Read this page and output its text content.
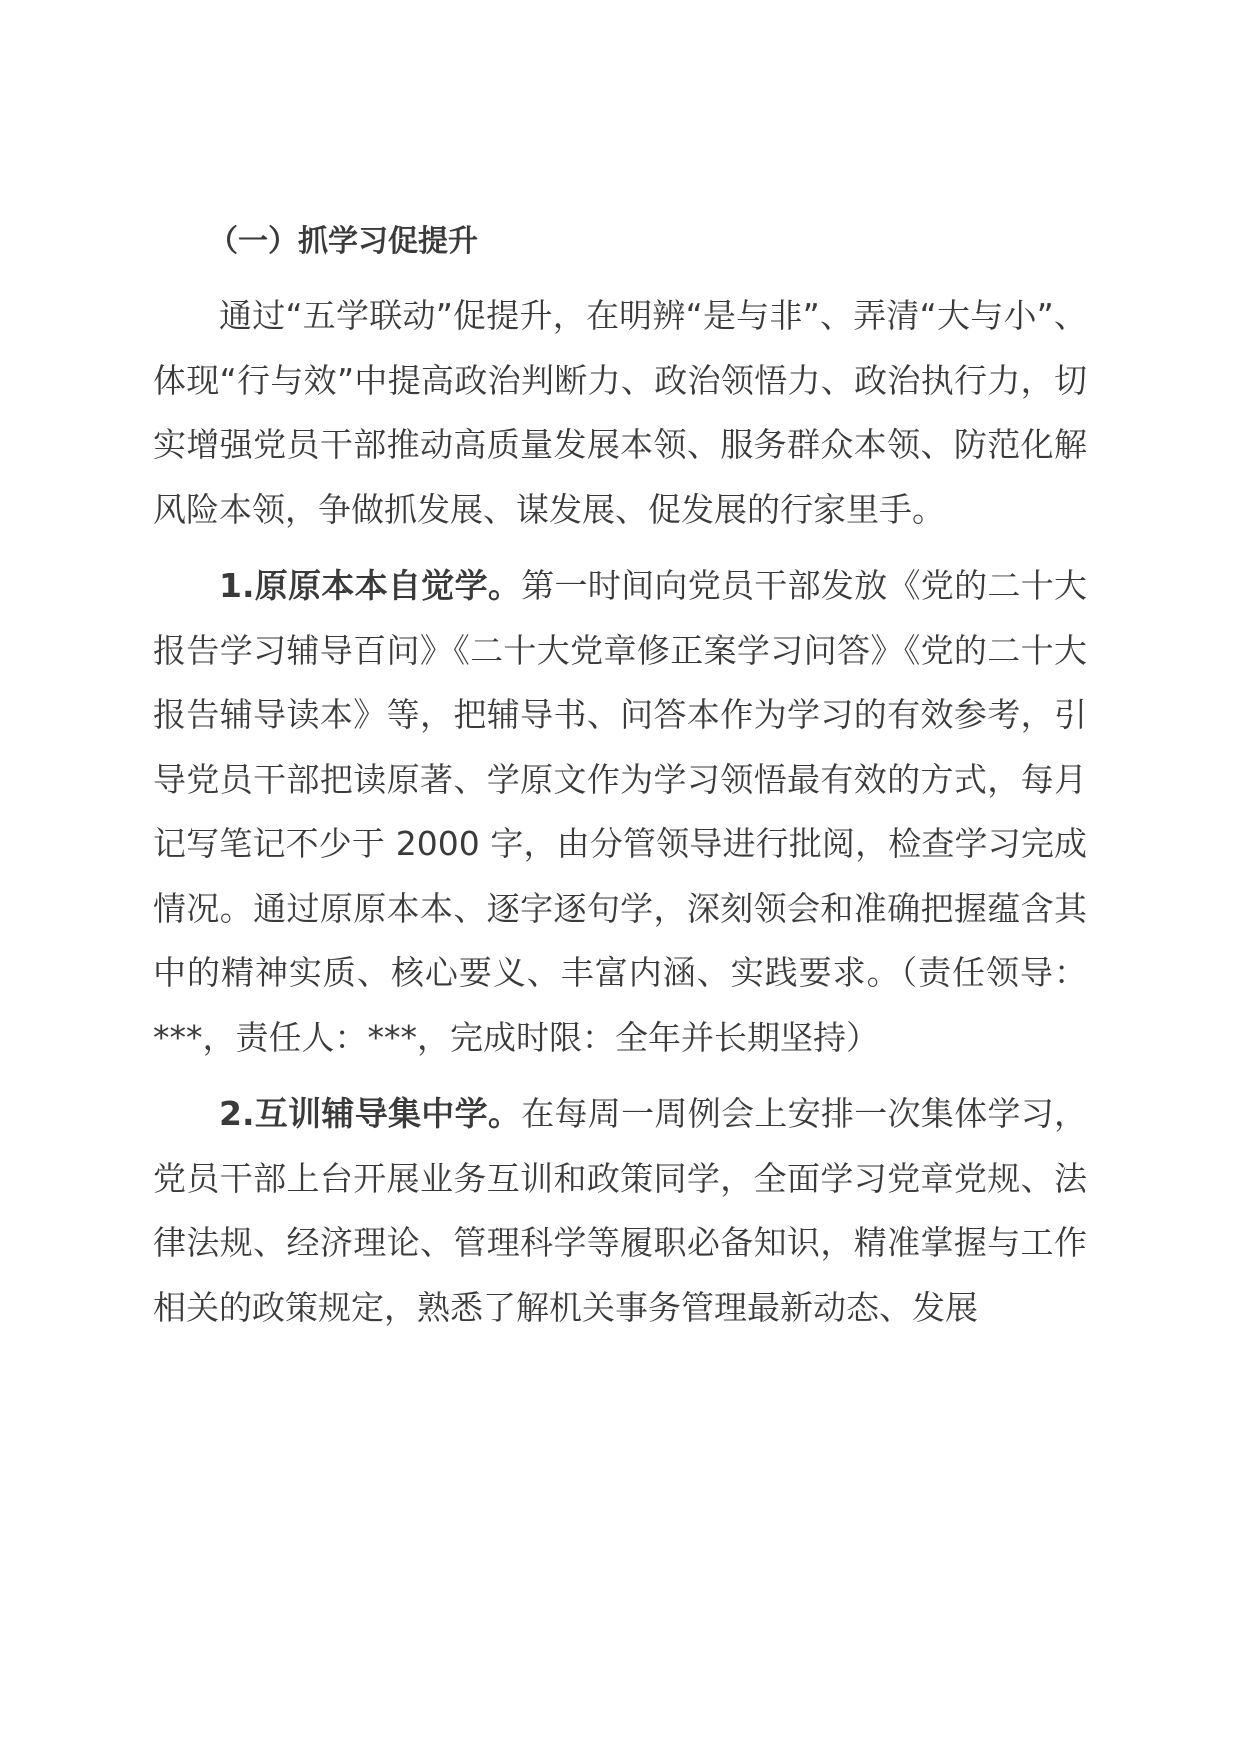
（一）抓学习促提升

通过“五学联动”促提升，在明辨“是与非”、弄清“大与小”、体现“行与效”中提高政治判断力、政治领悟力、政治执行力，切实增强党员干部推动高质量发展本领、服务群众本领、防范化解风险本领，争做抓发展、谋发展、促发展的行家里手。

1.原原本本自觉学。第一时间向党员干部发放《党的二十大报告学习辅导百问》《二十大党章修正案学习问答》《党的二十大报告辅导读本》等，把辅导书、问答本作为学习的有效参考，引导党员干部把读原著、学原文作为学习领悟最有效的方式，每月记写笔记不少于 2000 字，由分管领导进行批阅，检查学习完成情况。通过原原本本、逐字逐句学，深刻领会和准确把握蕴含其中的精神实质、核心要义、丰富内涵、实践要求。（责任领导：***，责任人：***，完成时限：全年并长期坚持）

2.互训辅导集中学。在每周一周例会上安排一次集体学习，党员干部上台开展业务互训和政策同学，全面学习党章党规、法律法规、经济理论、管理科学等履职必备知识，精准掌握与工作相关的政策规定，熟悉了解机关事务管理最新动态、发展
